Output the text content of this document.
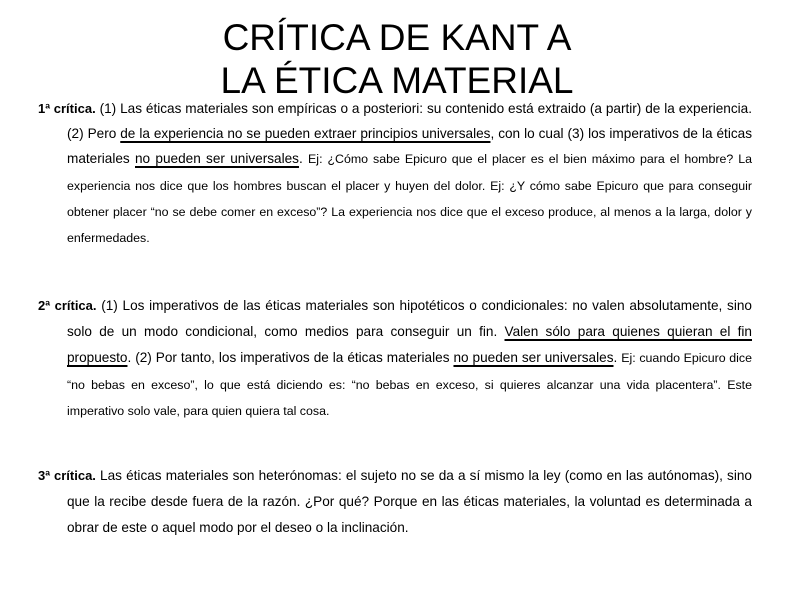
CRÍTICA DE KANT A
LA ÉTICA MATERIAL

1ª crítica. (1) Las éticas materiales son empíricas o a posteriori: su contenido está extraido (a partir) de la experiencia. (2) Pero de la experiencia no se pueden extraer principios universales, con lo cual (3) los imperativos de la éticas materiales no pueden ser universales. Ej: ¿Cómo sabe Epicuro que el placer es el bien máximo para el hombre? La experiencia nos dice que los hombres buscan el placer y huyen del dolor. Ej: ¿Y cómo sabe Epicuro que para conseguir obtener placer “no se debe comer en exceso”? La experiencia nos dice que el exceso produce, al menos a la larga, dolor y enfermedades.

2ª crítica. (1) Los imperativos de las éticas materiales son hipotéticos o condicionales: no valen absolutamente, sino solo de un modo condicional, como medios para conseguir un fin. Valen sólo para quienes quieran el fin propuesto. (2) Por tanto, los imperativos de la éticas materiales no pueden ser universales. Ej: cuando Epicuro dice “no bebas en exceso”, lo que está diciendo es: “no bebas en exceso, si quieres alcanzar una vida placentera”. Este imperativo solo vale, para quien quiera tal cosa.

3ª crítica. Las éticas materiales son heterónomas: el sujeto no se da a sí mismo la ley (como en las autónomas), sino que la recibe desde fuera de la razón. ¿Por qué? Porque en las éticas materiales, la voluntad es determinada a obrar de este o aquel modo por el deseo o la inclinación.
